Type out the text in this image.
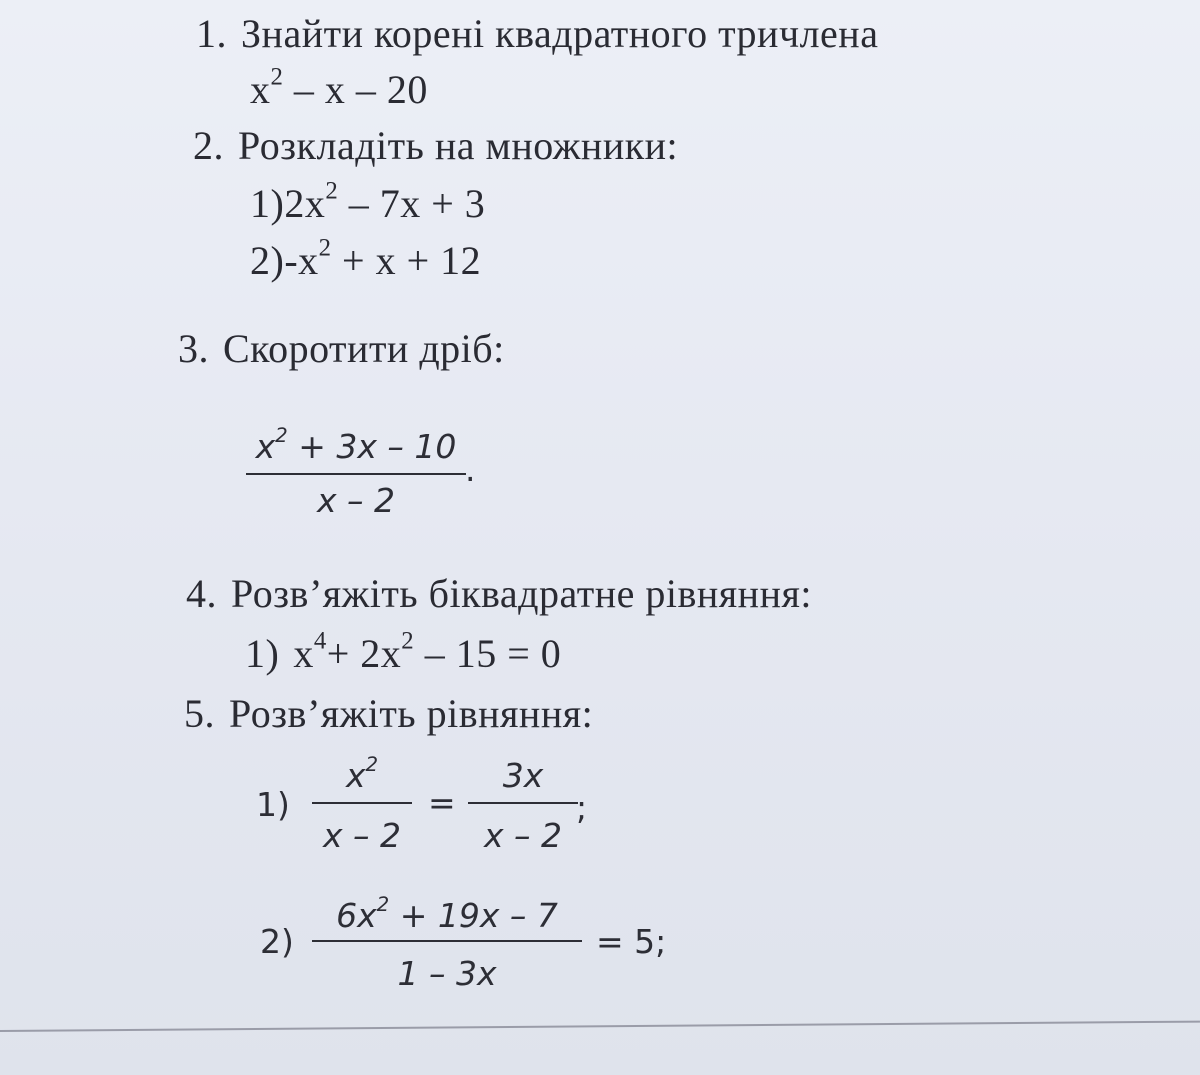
1. Знайти корені квадратного тричлена
$x^2$ – x – 20
2. Розкладіть на множники:
$1)2x^2 - 7x + 3$
$2)-x^2 + x + 12$
3. Скоротити дріб:
$x^2 + 3x - 10$
x – 2
.
4. Розв’яжіть біквадратне рівняння:
1) $x^4+ 2x^2 - 15 = 0$
5. Розв’яжіть рівняння:
1)
$x^2$
x – 2
=
3x
x – 2
;
2)
$6x^2 + 19x - 7$
1 – 3x
= 5;
